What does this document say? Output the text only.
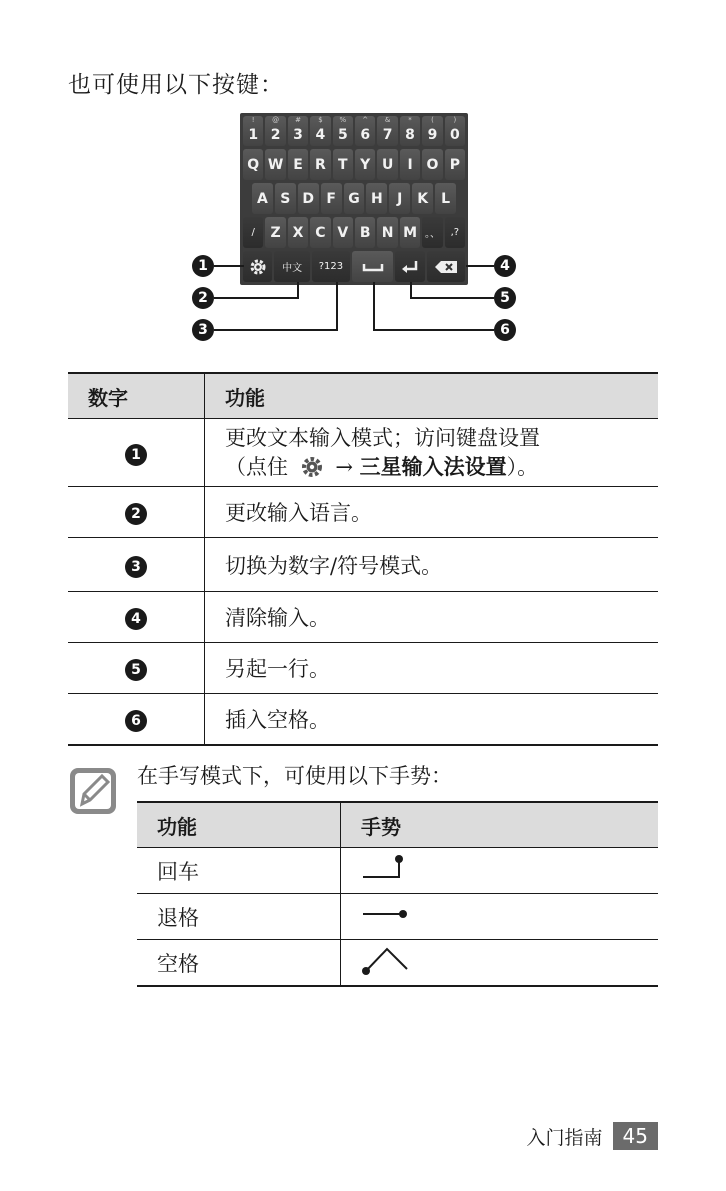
也可使用以下按键：
!
1
@
2
#
3
$
4
%
5
^
6
&
7
*
8
(
9
)
0
Q W E R T Y U	I O P
A S D F G H	J	K L
/	Z X C V B N M 。、	,?
中文	?123
1
2
3
4
5
6
数字	功能
1	更改文本输入模式；访问键盘设置
（点住 → 三星输入法设置）。

2	更改输入语言。
3	切换为数字/符号模式。
4	清除输入。
5	另起一行。
6	插入空格。
在手写模式下，可使用以下手势：
功能	手势
回车	
退格	
空格	
入门指南	45
